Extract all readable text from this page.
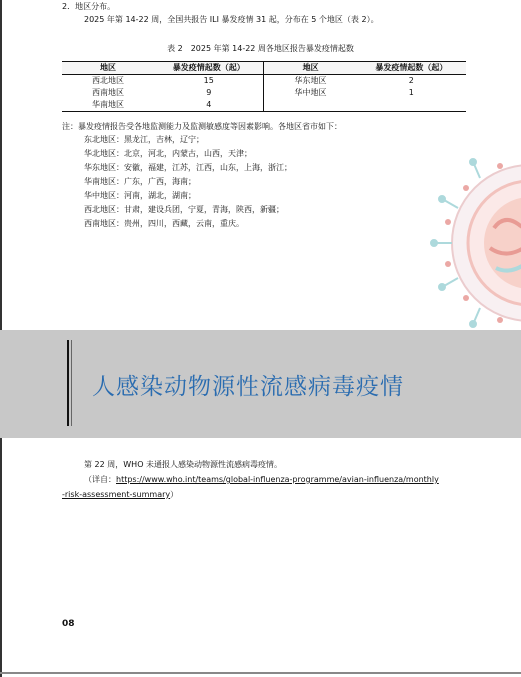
2．地区分布。
2025 年第 14-22 周，全国共报告 ILI 暴发疫情 31 起，分布在 5 个地区（表 2）。
表 2　2025 年第 14-22 周各地区报告暴发疫情起数
地区	暴发疫情起数（起）	地区	暴发疫情起数（起）
西北地区	15	华东地区	2
西南地区	9	华中地区	1
华南地区	4		
注：暴发疫情报告受各地监测能力及监测敏感度等因素影响。各地区省市如下：
东北地区：黑龙江，吉林，辽宁；
华北地区：北京，河北，内蒙古，山西，天津；
华东地区：安徽，福建，江苏，江西，山东，上海，浙江；
华南地区：广东，广西，海南；
华中地区：河南，湖北，湖南；
西北地区：甘肃，建设兵团，宁夏，青海，陕西，新疆；
西南地区：贵州，四川，西藏，云南，重庆。
人感染动物源性流感病毒疫情
第 22 周，WHO 未通报人感染动物源性流感病毒疫情。
（详自：https://www.who.int/teams/global-influenza-programme/avian-influenza/monthly
-risk-assessment-summary）
08
